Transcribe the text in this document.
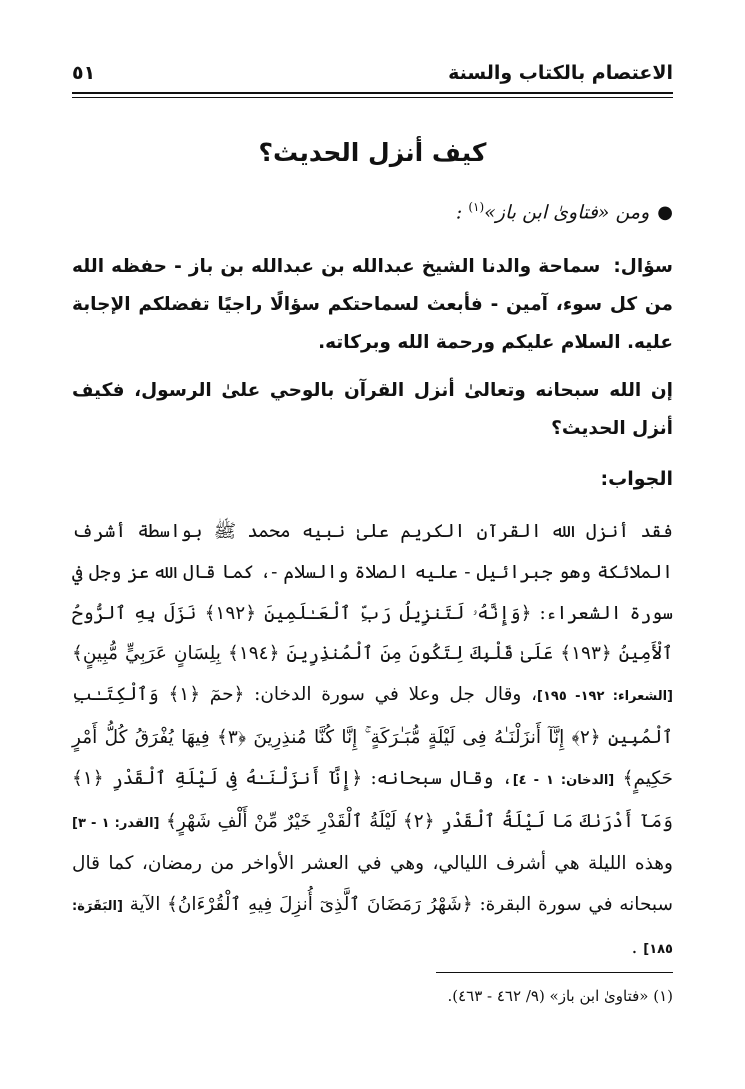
٥١	الاعتصام بالكتاب والسنة
كيف أنزل الحديث؟
●ومن «فتاوىٰ ابن باز»$^{(١)}$ :
سؤال: سماحة والدنا الشيخ عبدالله بن عبدالله بن باز - حفظه الله من كل سوء، آمين - فأبعث لسماحتكم سؤالًا راجيًا تفضلكم الإجابة عليه. السلام عليكم ورحمة الله وبركاته.
إن الله سبحانه وتعالىٰ أنزل القرآن بالوحي علىٰ الرسول، فكيف أنزل الحديث؟
الجواب:
فقد أنزل الله القرآن الكريم علىٰ نبيه محمد ﷺ بواسطة أشرف الملائكة وهو جبرائيل - عليه الصلاة والسلام -، كما قال الله عز وجل في سورة الشعراء: ﴿وَإِنَّهُۥ لَتَنزِيلُ رَبِّ ٱلْعَـٰلَمِينَ ﴿١٩٢﴾ نَزَلَ بِهِ ٱلرُّوحُ ٱلْأَمِينُ ﴿١٩٣﴾ عَلَىٰ قَلْبِكَ لِتَكُونَ مِنَ ٱلْمُنذِرِينَ ﴿١٩٤﴾ بِلِسَانٍ عَرَبِيٍّ مُّبِينٍ﴾ [الشعراء: ١٩٢- ١٩٥]، وقال جل وعلا في سورة الدخان: ﴿حمٓ ﴿١﴾ وَٱلْكِتَـٰبِ ٱلْمُبِينِ ﴿٢﴾ إِنَّآ أَنزَلْنَـٰهُ فِى لَيْلَةٍ مُّبَـٰرَكَةٍ ۚ إِنَّا كُنَّا مُنذِرِينَ ﴿٣﴾ فِيهَا يُفْرَقُ كُلُّ أَمْرٍ حَكِيمٍ﴾ [الدخان: ١ - ٤]، وقال سبحانه: ﴿إِنَّآ أَنزَلْنَـٰهُ فِى لَيْلَةِ ٱلْقَدْرِ ﴿١﴾ وَمَآ أَدْرَىٰكَ مَا لَيْلَةُ ٱلْقَدْرِ ﴿٢﴾ لَيْلَةُ ٱلْقَدْرِ خَيْرٌ مِّنْ أَلْفِ شَهْرٍ﴾ [القدر: ١ - ٣] وهذه الليلة هي أشرف الليالي، وهي في العشر الأواخر من رمضان، كما قال سبحانه في سورة البقرة: ﴿شَهْرُ رَمَضَانَ ٱلَّذِىٓ أُنزِلَ فِيهِ ٱلْقُرْءَانُ﴾ الآية [البَقَرَة: ١٨٥] .
(١) «فتاوىٰ ابن باز» (٩/ ٤٦٢ - ٤٦٣).
